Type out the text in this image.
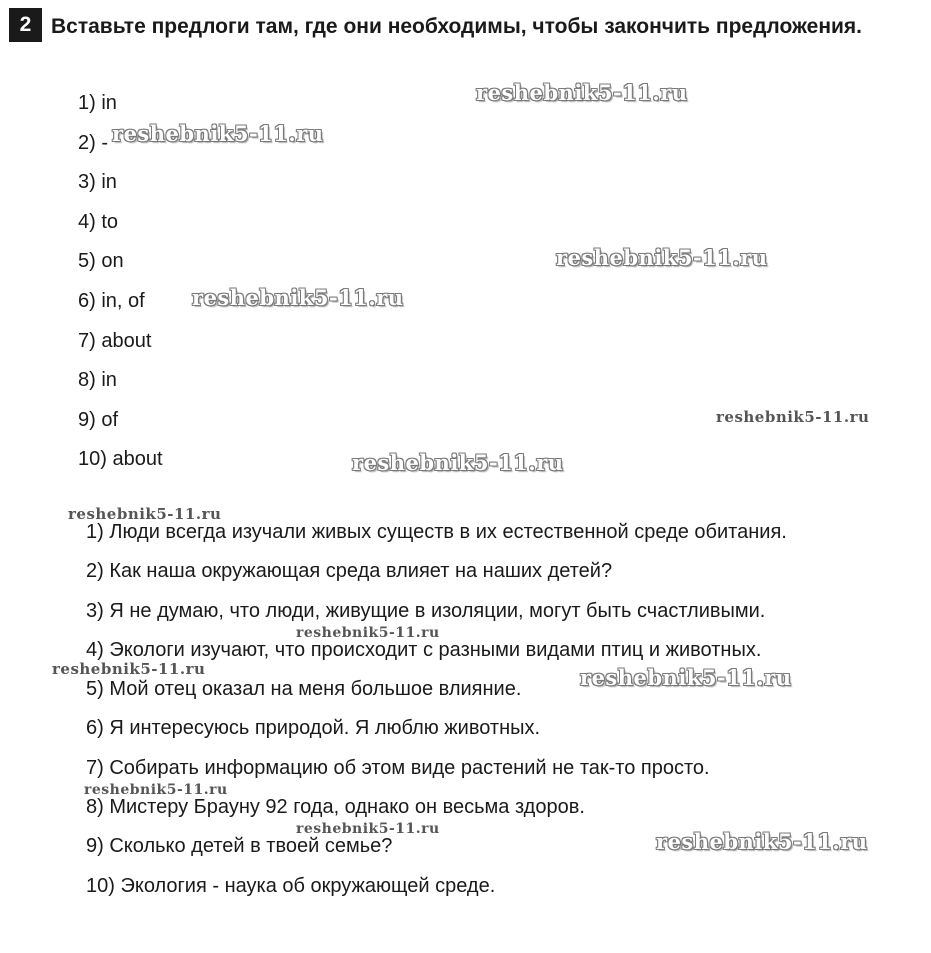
2 Вставьте предлоги там, где они необходимы, чтобы закончить предложения.
1) in
2) -
3) in
4) to
5) on
6) in, of
7) about
8) in
9) of
10) about
1) Люди всегда изучали живых существ в их естественной среде обитания.
2) Как наша окружающая среда влияет на наших детей?
3) Я не думаю, что люди, живущие в изоляции, могут быть счастливыми.
4) Экологи изучают, что происходит с разными видами птиц и животных.
5) Мой отец оказал на меня большое влияние.
6) Я интересуюсь природой. Я люблю животных.
7) Собирать информацию об этом виде растений не так-то просто.
8) Мистеру Брауну 92 года, однако он весьма здоров.
9) Сколько детей в твоей семье?
10) Экология - наука об окружающей среде.
reshebnik5-11.ru
reshebnik5-11.ru
reshebnik5-11.ru
reshebnik5-11.ru
reshebnik5-11.ru
reshebnik5-11.ru
reshebnik5-11.ru
reshebnik5-11.ru
reshebnik5-11.ru	reshebnik5-11.ru
reshebnik5-11.ru
reshebnik5-11.ru	reshebnik5-11.ru
